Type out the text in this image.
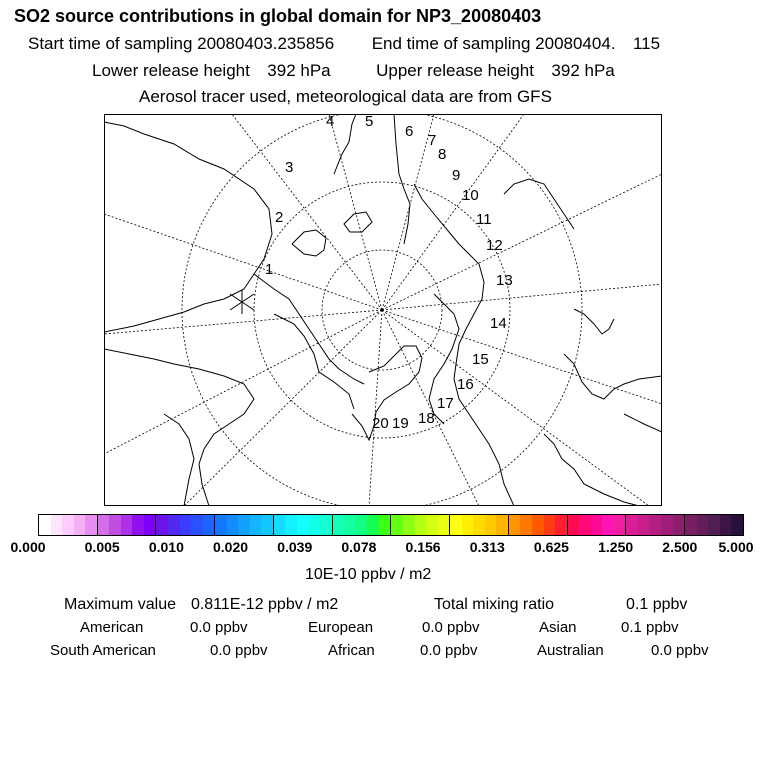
SO2 source contributions in global domain for NP3_20080403
Start time of sampling 20080403.235856 End time of sampling 20080404. 115
Lower release height 392 hPa	Upper release height 392 hPa
Aerosol tracer used, meteorological data are from GFS
1
2
3
4 5
6
7
8
9
10
11
12
13
14
15
16
17
18
19
20
0.000	0.005 0.010 0.020 0.039 0.078 0.156 0.313 0.625 1.250 2.500 5.000
10E-10 ppbv / m2
Maximum value 0.811E-12 ppbv / m2	Total mixing ratio	0.1 ppbv
American	0.0 ppbv	European	0.0 ppbv	Asian	0.1 ppbv
South American	0.0 ppbv	African	0.0 ppbv	Australian	0.0 ppbv
